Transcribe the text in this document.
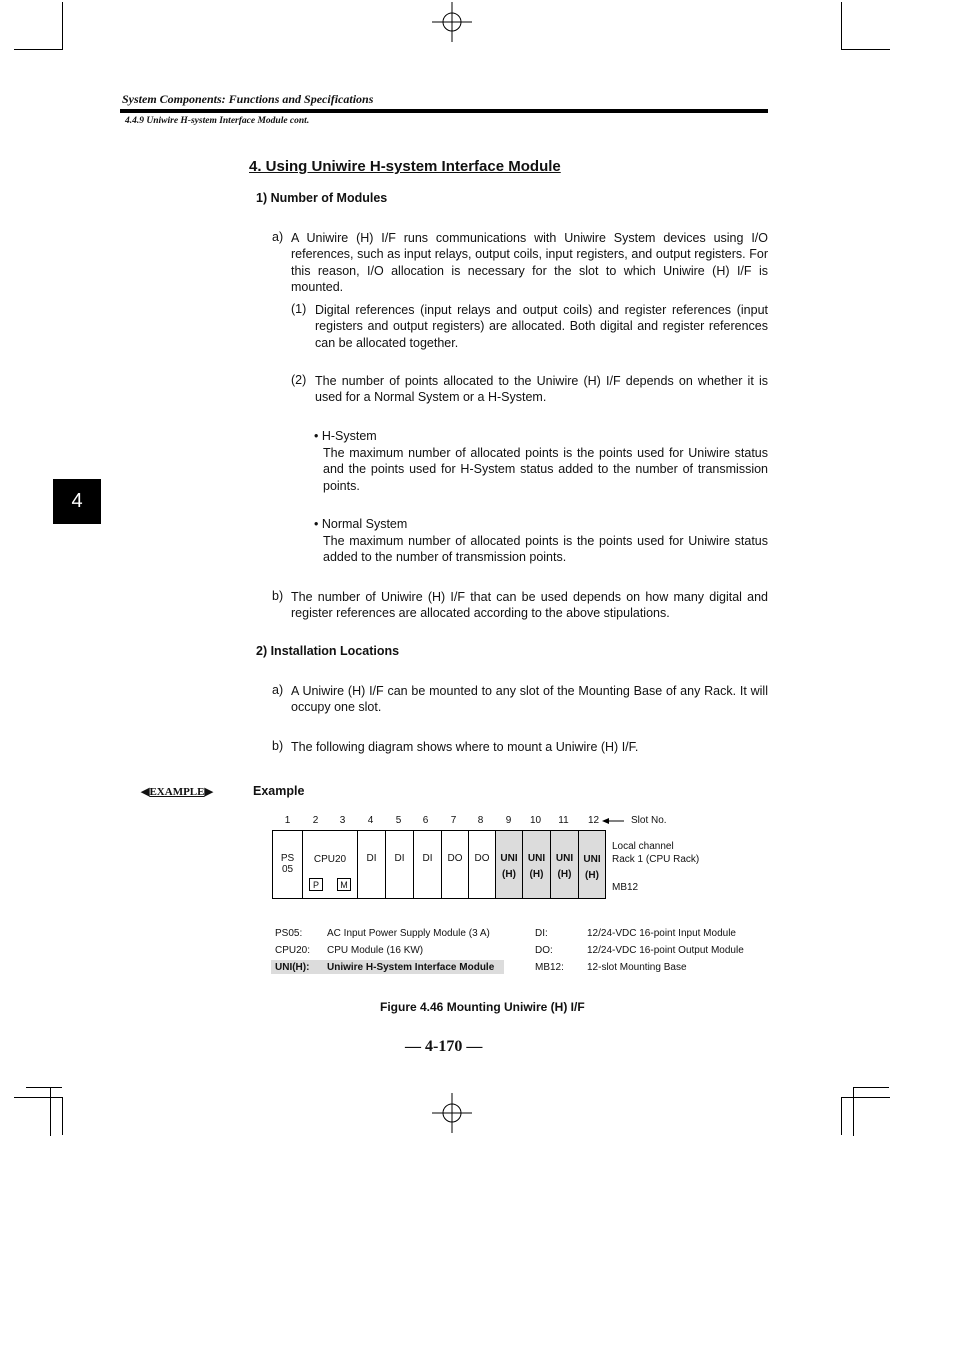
System Components: Functions and Specifications
4.4.9 Uniwire H-system Interface Module cont.
4
4. Using Uniwire H-system Interface Module
1) Number of Modules
a) A Uniwire (H) I/F runs communications with Uniwire System devices using I/O references, such as input relays, output coils, input registers, and output registers. For this reason, I/O allocation is necessary for the slot to which Uniwire (H) I/F is mounted.
(1) Digital references (input relays and output coils) and register references (input registers and output registers) are allocated. Both digital and register references can be allocated together.
(2) The number of points allocated to the Uniwire (H) I/F depends on whether it is used for a Normal System or a H-System.
• H-System
The maximum number of allocated points is the points used for Uniwire status and the points used for H-System status added to the number of transmission points.
• Normal System
The maximum number of allocated points is the points used for Uniwire status added to the number of transmission points.
b) The number of Uniwire (H) I/F that can be used depends on how many digital and register references are allocated according to the above stipulations.
2) Installation Locations
a) A Uniwire (H) I/F can be mounted to any slot of the Mounting Base of any Rack. It will occupy one slot.
b) The following diagram shows where to mount a Uniwire (H) I/F.
◀EXAMPLE▶	Example
1	2	3	4	5	6	7	8	9	10	11	12	Slot No.
PS
05
CPU20
P	M
DI	DI	DI	DO	DO	UNI
(H)
UNI
(H)
UNI
(H)
UNI
(H)
Local channel
Rack 1 (CPU Rack)
MB12
PS05: AC Input Power Supply Module (3 A)
CPU20: CPU Module (16 KW)
UNI(H): Uniwire H-System Interface Module
DI:	12/24-VDC 16-point Input Module
DO:	12/24-VDC 16-point Output Module
MB12: 12-slot Mounting Base
Figure 4.46 Mounting Uniwire (H) I/F
— 4-170 —
